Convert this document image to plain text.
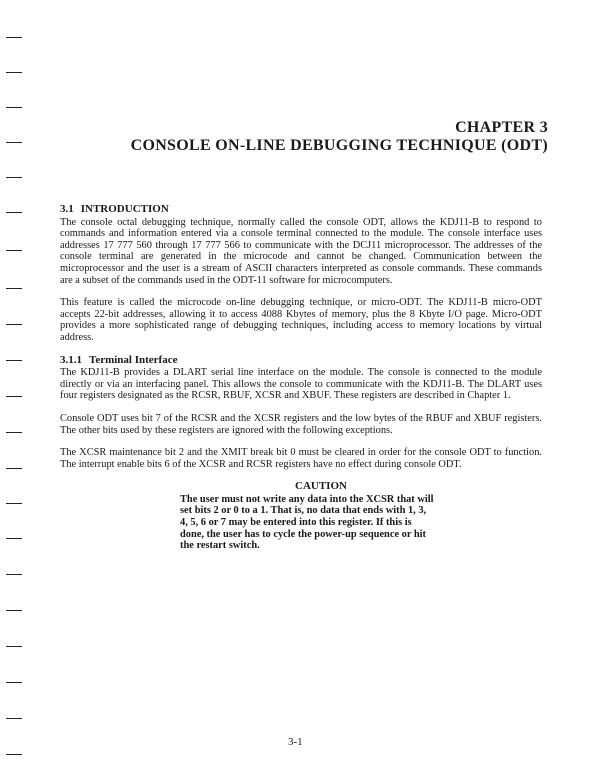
CHAPTER 3
CONSOLE ON-LINE DEBUGGING TECHNIQUE (ODT)
3.1 INTRODUCTION

The console octal debugging technique, normally called the console ODT, allows the KDJ11-B to respond to commands and information entered via a console terminal connected to the module. The console interface uses addresses 17 777 560 through 17 777 566 to communicate with the DCJ11 microprocessor. The addresses of the console terminal are generated in the microcode and cannot be changed. Communication between the microprocessor and the user is a stream of ASCII characters interpreted as console commands. These commands are a subset of the commands used in the ODT-11 software for microcomputers.

This feature is called the microcode on-line debugging technique, or micro-ODT. The KDJ11-B micro-ODT accepts 22-bit addresses, allowing it to access 4088 Kbytes of memory, plus the 8 Kbyte I/O page. Micro-ODT provides a more sophisticated range of debugging techniques, including access to memory locations by virtual address.

3.1.1 Terminal Interface

The KDJ11-B provides a DLART serial line interface on the module. The console is connected to the module directly or via an interfacing panel. This allows the console to communicate with the KDJ11-B. The DLART uses four registers designated as the RCSR, RBUF, XCSR and XBUF. These registers are described in Chapter 1.

Console ODT uses bit 7 of the RCSR and the XCSR registers and the low bytes of the RBUF and XBUF registers. The other bits used by these registers are ignored with the following exceptions.

The XCSR maintenance bit 2 and the XMIT break bit 0 must be cleared in order for the console ODT to function. The interrupt enable bits 6 of the XCSR and RCSR registers have no effect during console ODT.

CAUTION
The user must not write any data into the XCSR that will set bits 2 or 0 to a 1. That is, no data that ends with 1, 3, 4, 5, 6 or 7 may be entered into this register. If this is done, the user has to cycle the power-up sequence or hit the restart switch.
3-1
